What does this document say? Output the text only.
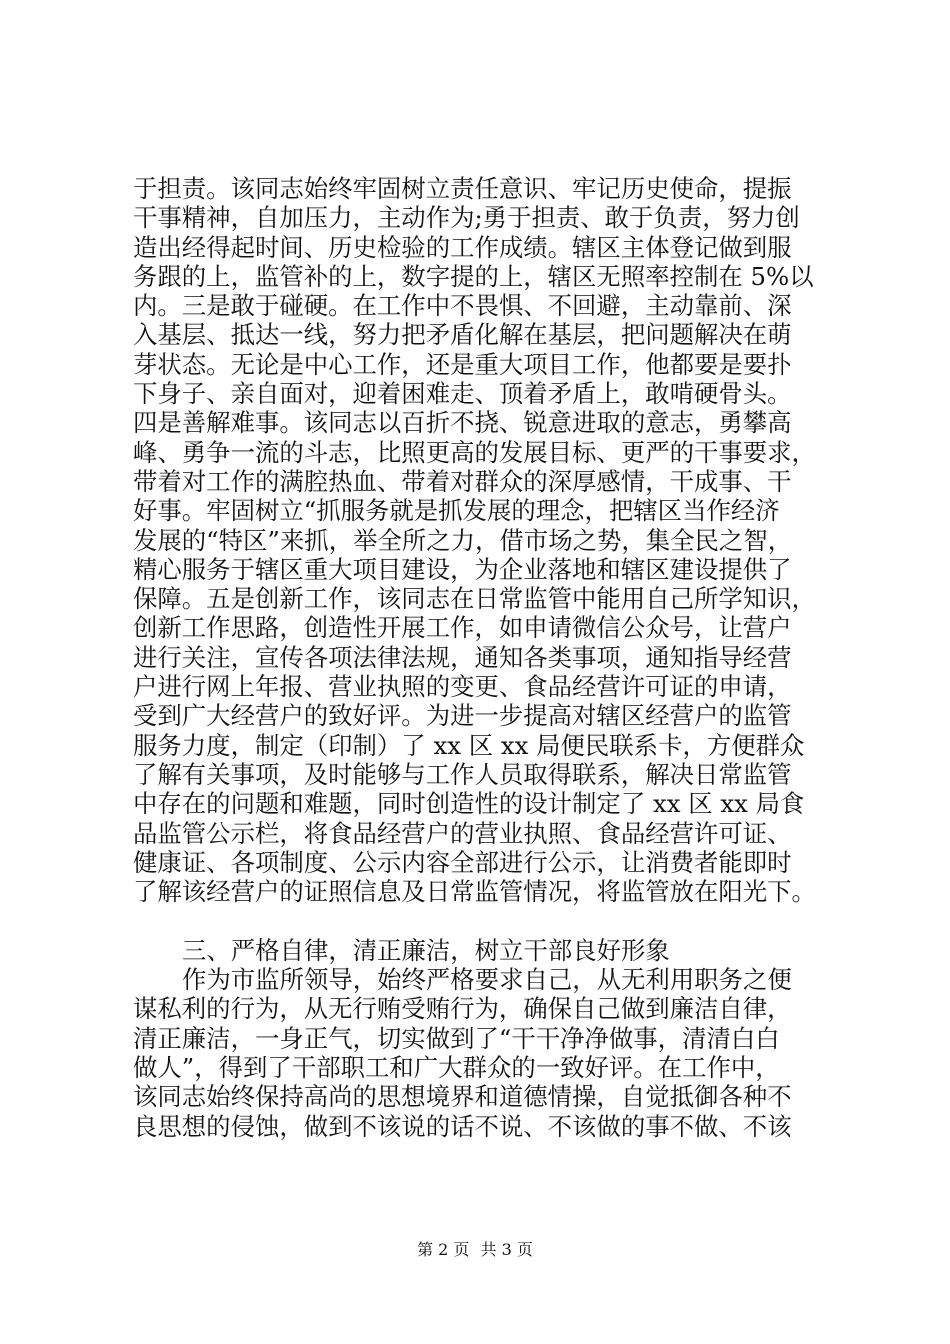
于担责。该同志始终牢固树立责任意识、牢记历史使命，提振
干事精神，自加压力，主动作为;勇于担责、敢于负责，努力创
造出经得起时间、历史检验的工作成绩。辖区主体登记做到服
务跟的上，监管补的上，数字提的上，辖区无照率控制在 5%以
内。三是敢于碰硬。在工作中不畏惧、不回避，主动靠前、深
入基层、抵达一线，努力把矛盾化解在基层，把问题解决在萌
芽状态。无论是中心工作，还是重大项目工作，他都要是要扑
下身子、亲自面对，迎着困难走、顶着矛盾上，敢啃硬骨头。
四是善解难事。该同志以百折不挠、锐意进取的意志，勇攀高
峰、勇争一流的斗志，比照更高的发展目标、更严的干事要求，
带着对工作的满腔热血、带着对群众的深厚感情，干成事、干
好事。牢固树立“抓服务就是抓发展的理念，把辖区当作经济
发展的“特区”来抓，举全所之力，借市场之势，集全民之智，
精心服务于辖区重大项目建设，为企业落地和辖区建设提供了
保障。五是创新工作，该同志在日常监管中能用自己所学知识，
创新工作思路，创造性开展工作，如申请微信公众号，让营户
进行关注，宣传各项法律法规，通知各类事项，通知指导经营
户进行网上年报、营业执照的变更、食品经营许可证的申请，
受到广大经营户的致好评。为进一步提高对辖区经营户的监管
服务力度，制定（印制）了 xx 区 xx 局便民联系卡，方便群众
了解有关事项，及时能够与工作人员取得联系，解决日常监管
中存在的问题和难题，同时创造性的设计制定了 xx 区 xx 局食
品监管公示栏，将食品经营户的营业执照、食品经营许可证、
健康证、各项制度、公示内容全部进行公示，让消费者能即时
了解该经营户的证照信息及日常监管情况，将监管放在阳光下。
三、严格自律，清正廉洁，树立干部良好形象
作为市监所领导，始终严格要求自己，从无利用职务之便
谋私利的行为，从无行贿受贿行为，确保自己做到廉洁自律，
清正廉洁，一身正气，切实做到了“干干净净做事，清清白白
做人”，得到了干部职工和广大群众的一致好评。在工作中，
该同志始终保持高尚的思想境界和道德情操，自觉抵御各种不
良思想的侵蚀，做到不该说的话不说、不该做的事不做、不该
第 2 页 共 3 页
